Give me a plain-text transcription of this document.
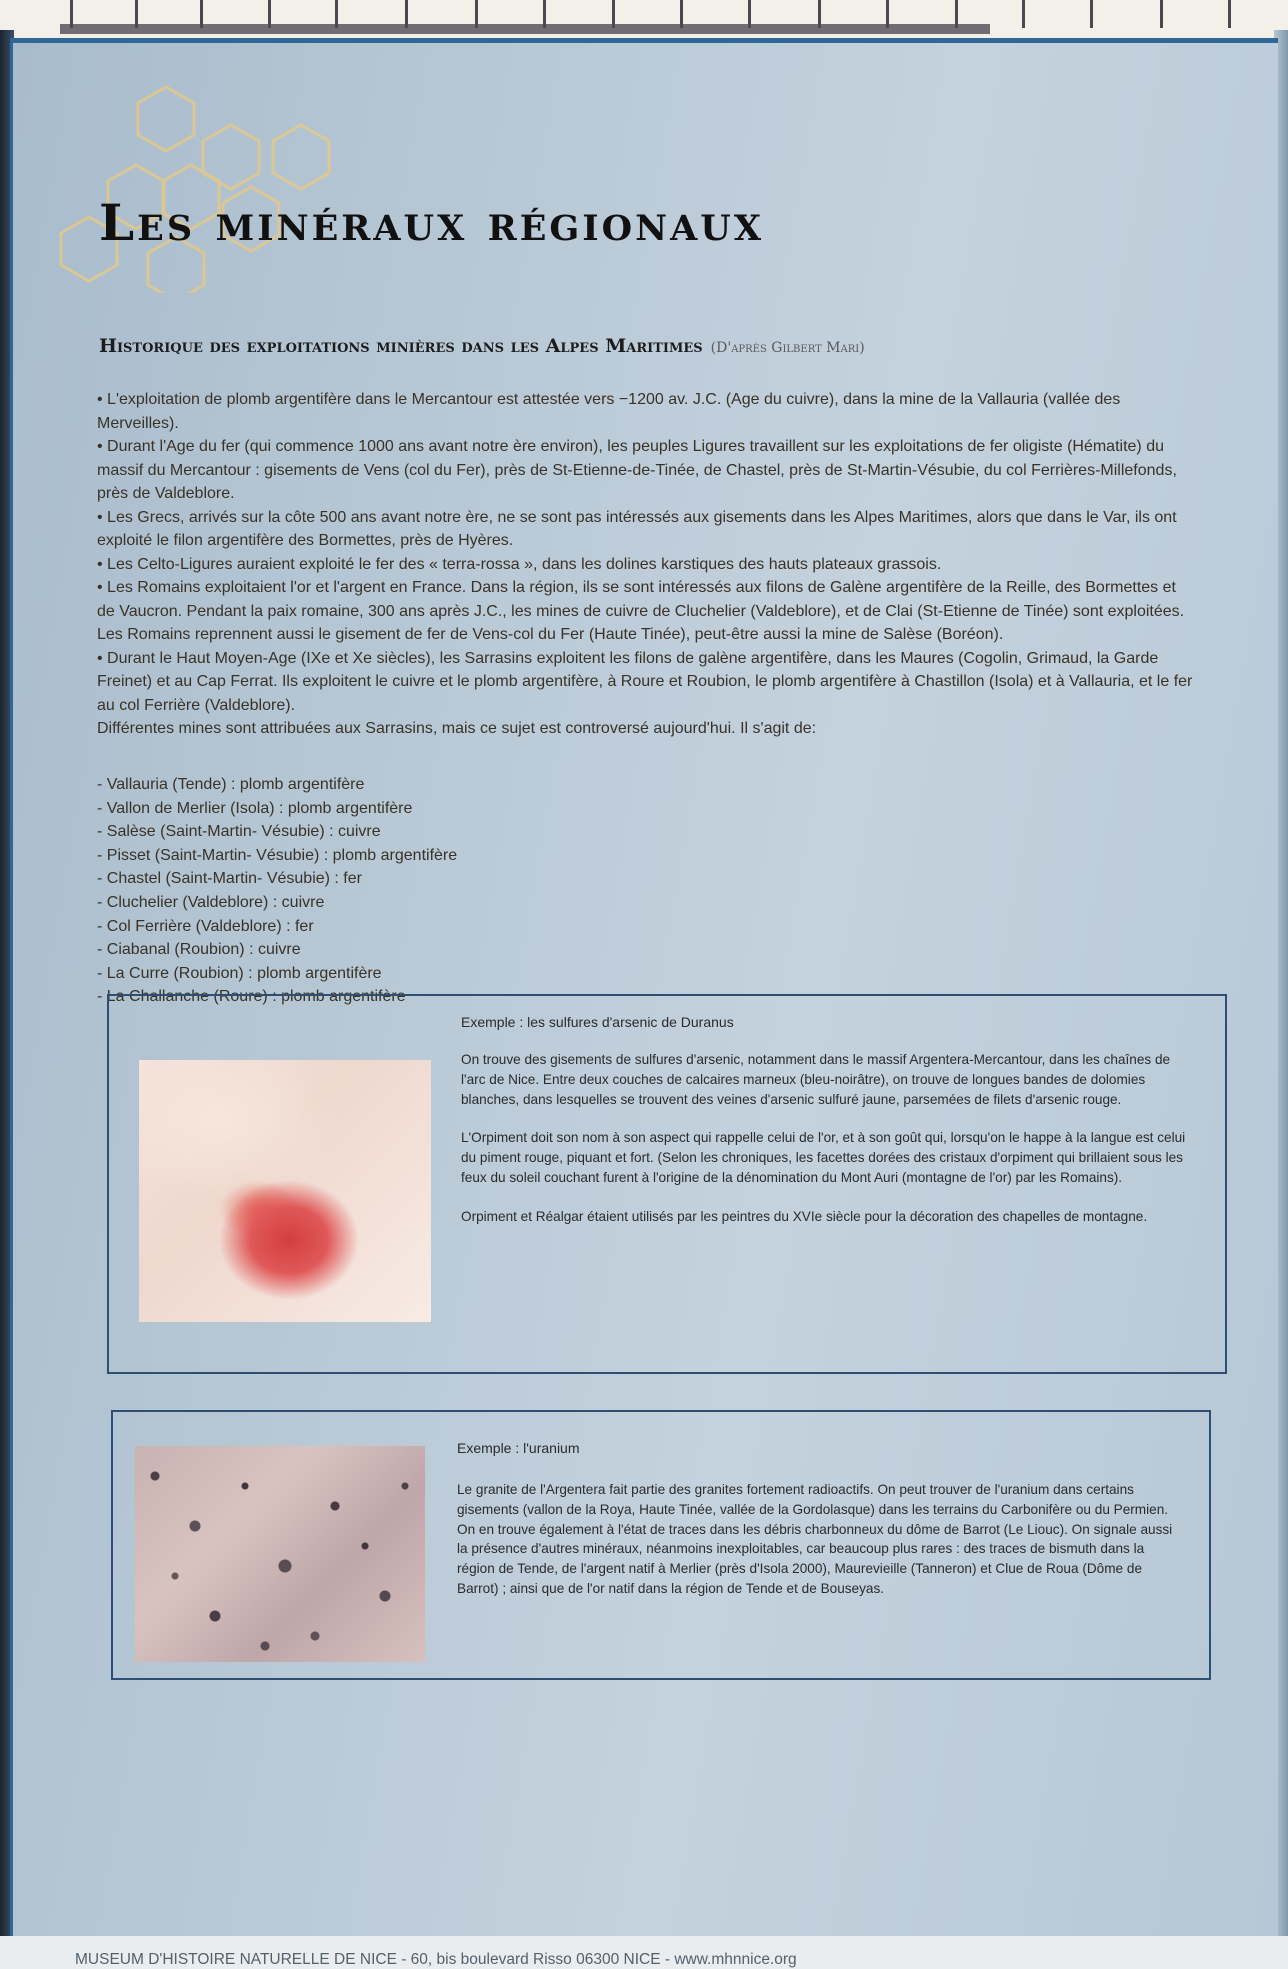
Les minéraux régionaux
Historique des exploitations minières dans les Alpes Maritimes (D'après Gilbert Mari)

• L'exploitation de plomb argentifère dans le Mercantour est attestée vers −1200 av. J.C. (Age du cuivre), dans la mine de la Vallauria (vallée des Merveilles).

• Durant l'Age du fer (qui commence 1000 ans avant notre ère environ), les peuples Ligures travaillent sur les exploitations de fer oligiste (Hématite) du massif du Mercantour : gisements de Vens (col du Fer), près de St-Etienne-de-Tinée, de Chastel, près de St-Martin-Vésubie, du col Ferrières-Millefonds, près de Valdeblore.

• Les Grecs, arrivés sur la côte 500 ans avant notre ère, ne se sont pas intéressés aux gisements dans les Alpes Maritimes, alors que dans le Var, ils ont exploité le filon argentifère des Bormettes, près de Hyères.

• Les Celto-Ligures auraient exploité le fer des « terra-rossa », dans les dolines karstiques des hauts plateaux grassois.

• Les Romains exploitaient l'or et l'argent en France. Dans la région, ils se sont intéressés aux filons de Galène argentifère de la Reille, des Bormettes et de Vaucron. Pendant la paix romaine, 300 ans après J.C., les mines de cuivre de Cluchelier (Valdeblore), et de Clai (St-Etienne de Tinée) sont exploitées. Les Romains reprennent aussi le gisement de fer de Vens-col du Fer (Haute Tinée), peut-être aussi la mine de Salèse (Boréon).

• Durant le Haut Moyen-Age (IXe et Xe siècles), les Sarrasins exploitent les filons de galène argentifère, dans les Maures (Cogolin, Grimaud, la Garde Freinet) et au Cap Ferrat. Ils exploitent le cuivre et le plomb argentifère, à Roure et Roubion, le plomb argentifère à Chastillon (Isola) et à Vallauria, et le fer au col Ferrière (Valdeblore).

Différentes mines sont attribuées aux Sarrasins, mais ce sujet est controversé aujourd'hui. Il s'agit de:

- Vallauria (Tende) : plomb argentifère
- Vallon de Merlier (Isola) : plomb argentifère
- Salèse (Saint-Martin- Vésubie) : cuivre
- Pisset (Saint-Martin- Vésubie) : plomb argentifère
- Chastel (Saint-Martin- Vésubie) : fer
- Cluchelier (Valdeblore) : cuivre
- Col Ferrière (Valdeblore) : fer
- Ciabanal (Roubion) : cuivre
- La Curre (Roubion) : plomb argentifère
- La Challanche (Roure) : plomb argentifère
Exemple : les sulfures d'arsenic de Duranus

On trouve des gisements de sulfures d'arsenic, notamment dans le massif Argentera-Mercantour, dans les chaînes de l'arc de Nice. Entre deux couches de calcaires marneux (bleu-noirâtre), on trouve de longues bandes de dolomies blanches, dans lesquelles se trouvent des veines d'arsenic sulfuré jaune, parsemées de filets d'arsenic rouge.

L'Orpiment doit son nom à son aspect qui rappelle celui de l'or, et à son goût qui, lorsqu'on le happe à la langue est celui du piment rouge, piquant et fort. (Selon les chroniques, les facettes dorées des cristaux d'orpiment qui brillaient sous les feux du soleil couchant furent à l'origine de la dénomination du Mont Auri (montagne de l'or) par les Romains).

Orpiment et Réalgar étaient utilisés par les peintres du XVIe siècle pour la décoration des chapelles de montagne.

Exemple : l'uranium

Le granite de l'Argentera fait partie des granites fortement radioactifs. On peut trouver de l'uranium dans certains gisements (vallon de la Roya, Haute Tinée, vallée de la Gordolasque) dans les terrains du Carbonifère ou du Permien. On en trouve également à l'état de traces dans les débris charbonneux du dôme de Barrot (Le Liouc). On signale aussi la présence d'autres minéraux, néanmoins inexploitables, car beaucoup plus rares : des traces de bismuth dans la région de Tende, de l'argent natif à Merlier (près d'Isola 2000), Maurevieille (Tanneron) et Clue de Roua (Dôme de Barrot) ; ainsi que de l'or natif dans la région de Tende et de Bouseyas.

MUSEUM D'HISTOIRE NATURELLE DE NICE - 60, bis boulevard Risso 06300 NICE - www.mhnnice.org
